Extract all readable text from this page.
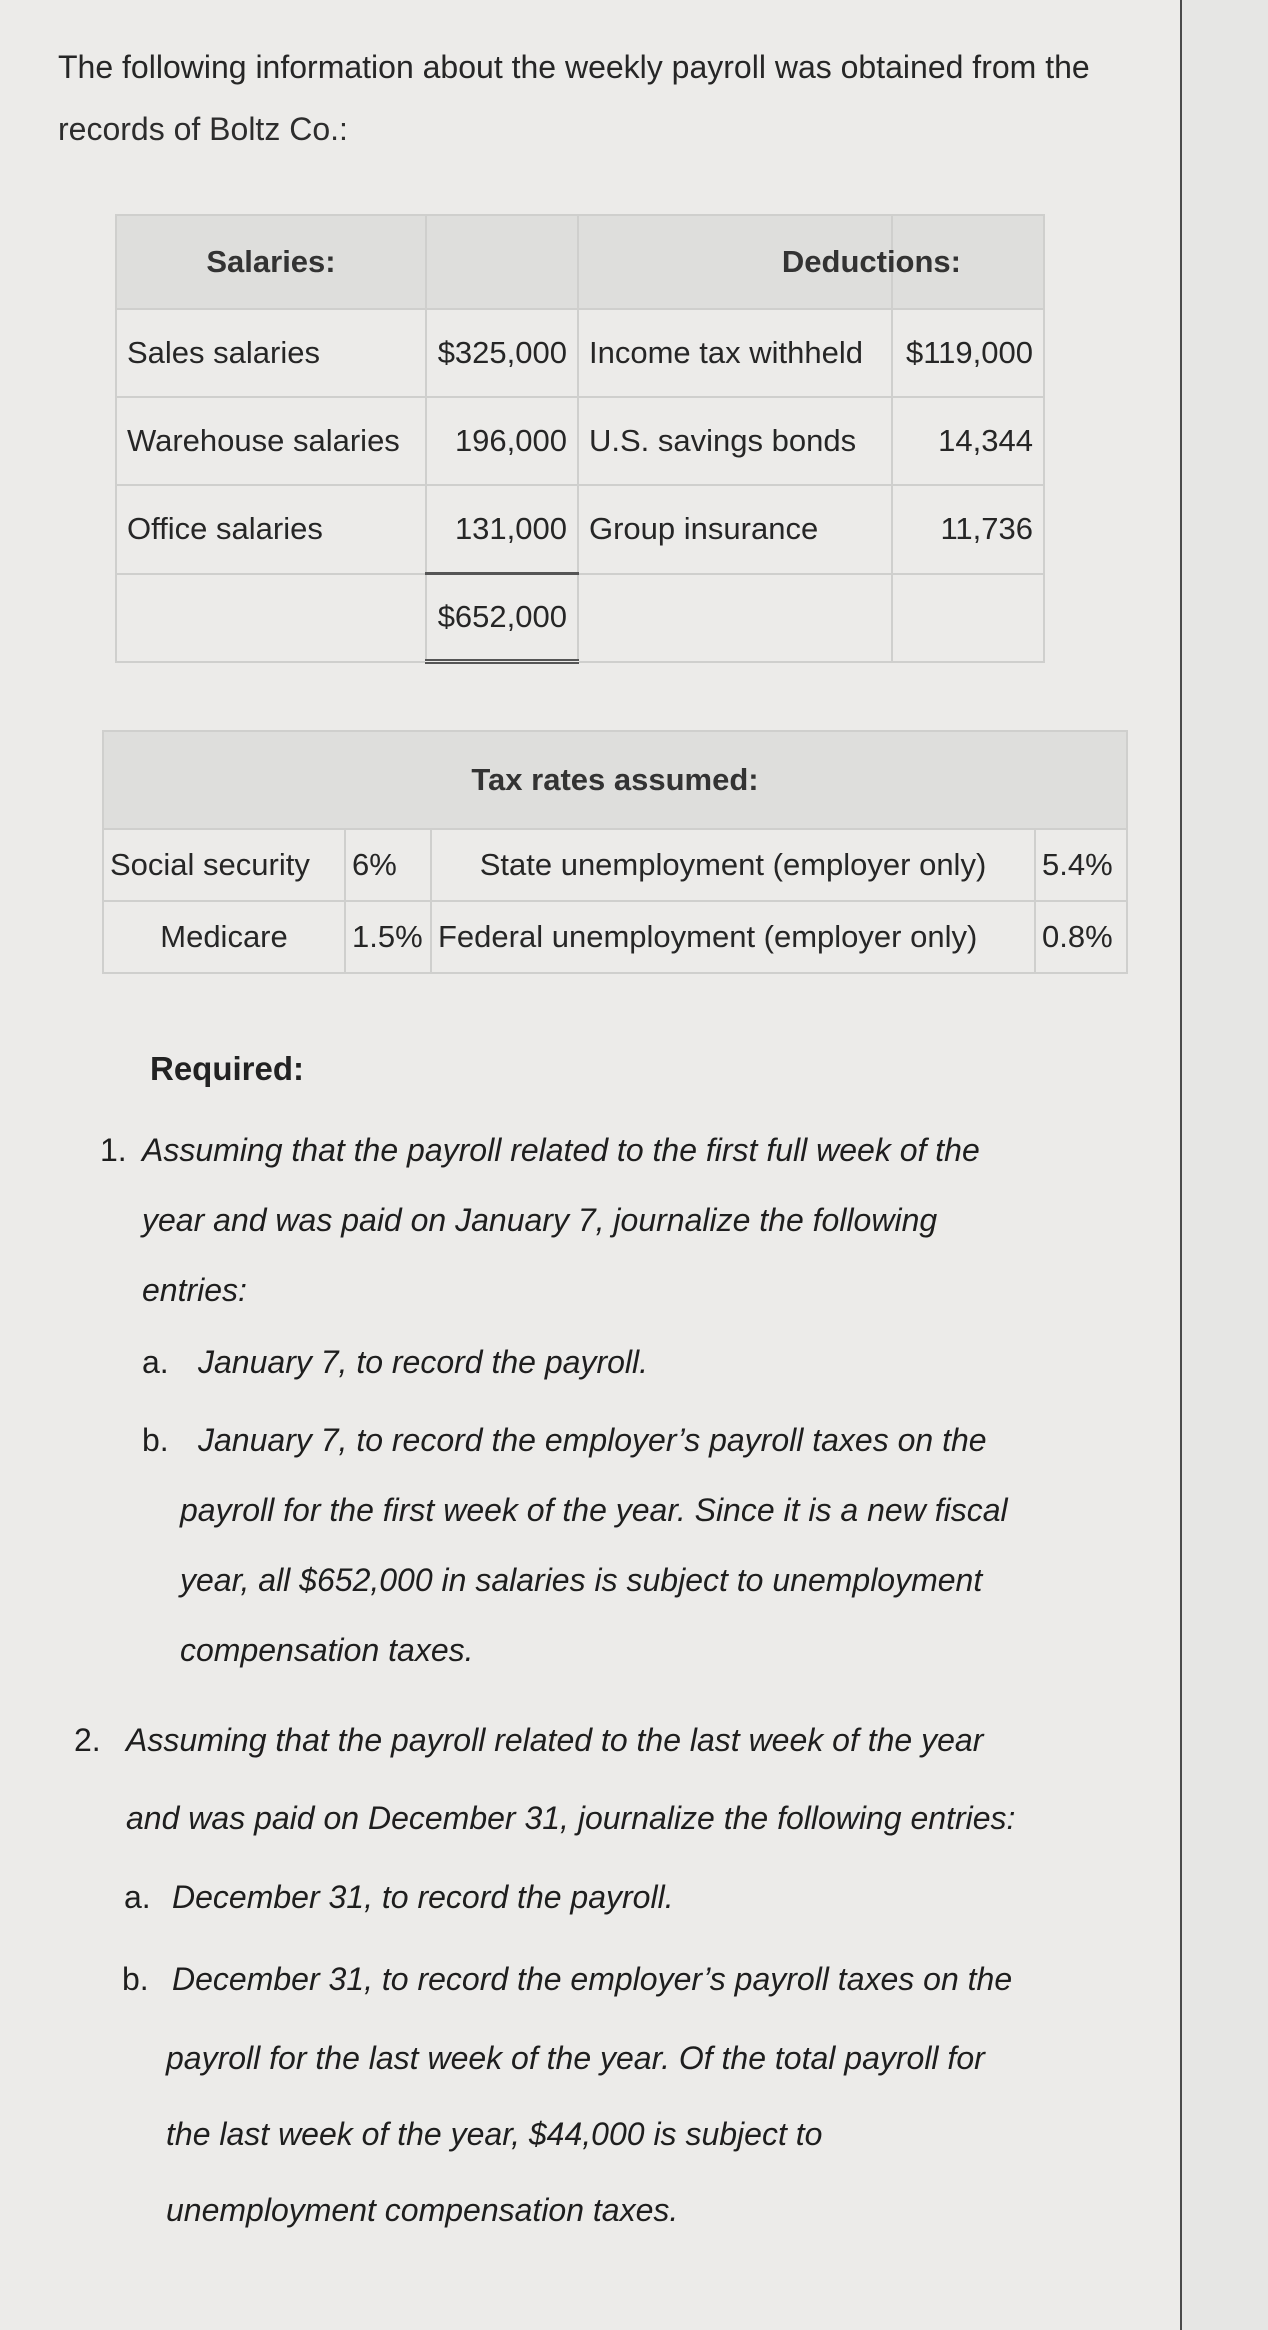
The following information about the weekly payroll was obtained from the
records of Boltz Co.:
Salaries:		Deductions:	
Sales salaries	$325,000	Income tax withheld	$119,000
Warehouse salaries	196,000	U.S. savings bonds	14,344
Office salaries	131,000	Group insurance	11,736
	$652,000		
Tax rates assumed:			
Social security	6%	State unemployment (employer only)	5.4%
Medicare	1.5%	Federal unemployment (employer only)	0.8%
Required:
1. Assuming that the payroll related to the first full week of the
year and was paid on January 7, journalize the following
entries:
a. January 7, to record the payroll.
b. January 7, to record the employer’s payroll taxes on the
payroll for the first week of the year. Since it is a new fiscal
year, all $652,000 in salaries is subject to unemployment
compensation taxes.
2. Assuming that the payroll related to the last week of the year
and was paid on December 31, journalize the following entries:
a. December 31, to record the payroll.
b. December 31, to record the employer’s payroll taxes on the
payroll for the last week of the year. Of the total payroll for
the last week of the year, $44,000 is subject to
unemployment compensation taxes.
